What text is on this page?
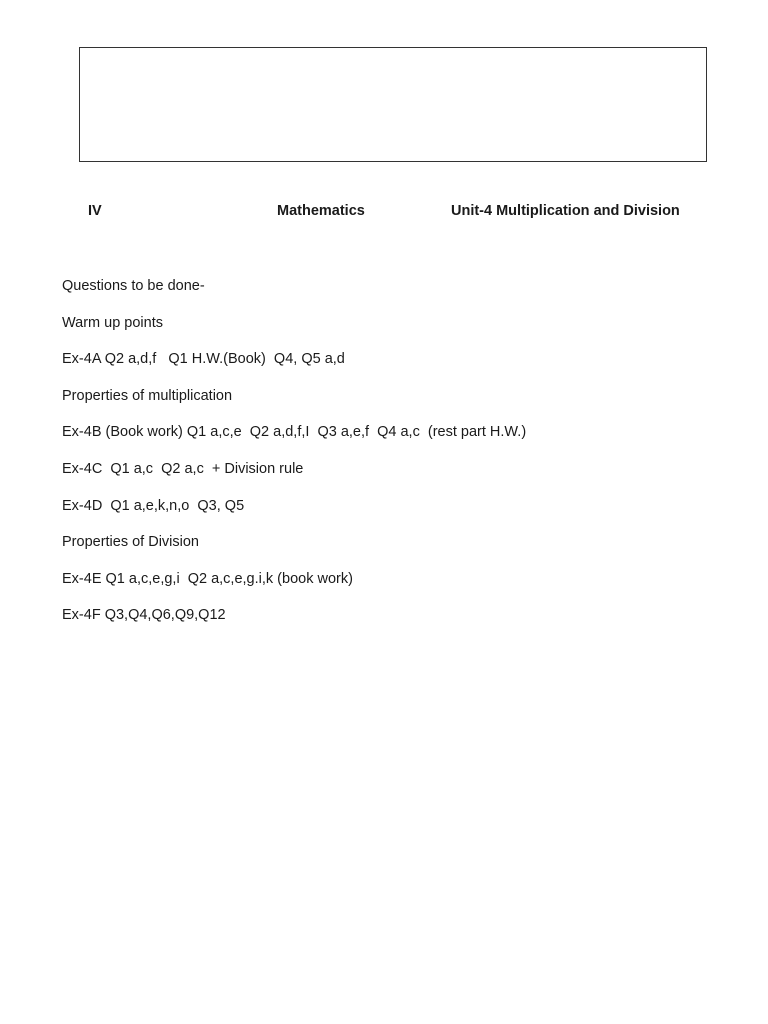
IV	Mathematics	Unit-4 Multiplication and Division
Questions to be done-
Warm up points
Ex-4A Q2 a,d,f   Q1 H.W.(Book)  Q4, Q5 a,d
Properties of multiplication
Ex-4B (Book work) Q1 a,c,e  Q2 a,d,f,I  Q3 a,e,f  Q4 a,c  (rest part H.W.)
Ex-4C  Q1 a,c  Q2 a,c  + Division rule
Ex-4D  Q1 a,e,k,n,o  Q3, Q5
Properties of Division
Ex-4E Q1 a,c,e,g,i  Q2 a,c,e,g.i,k (book work)
Ex-4F Q3,Q4,Q6,Q9,Q12
